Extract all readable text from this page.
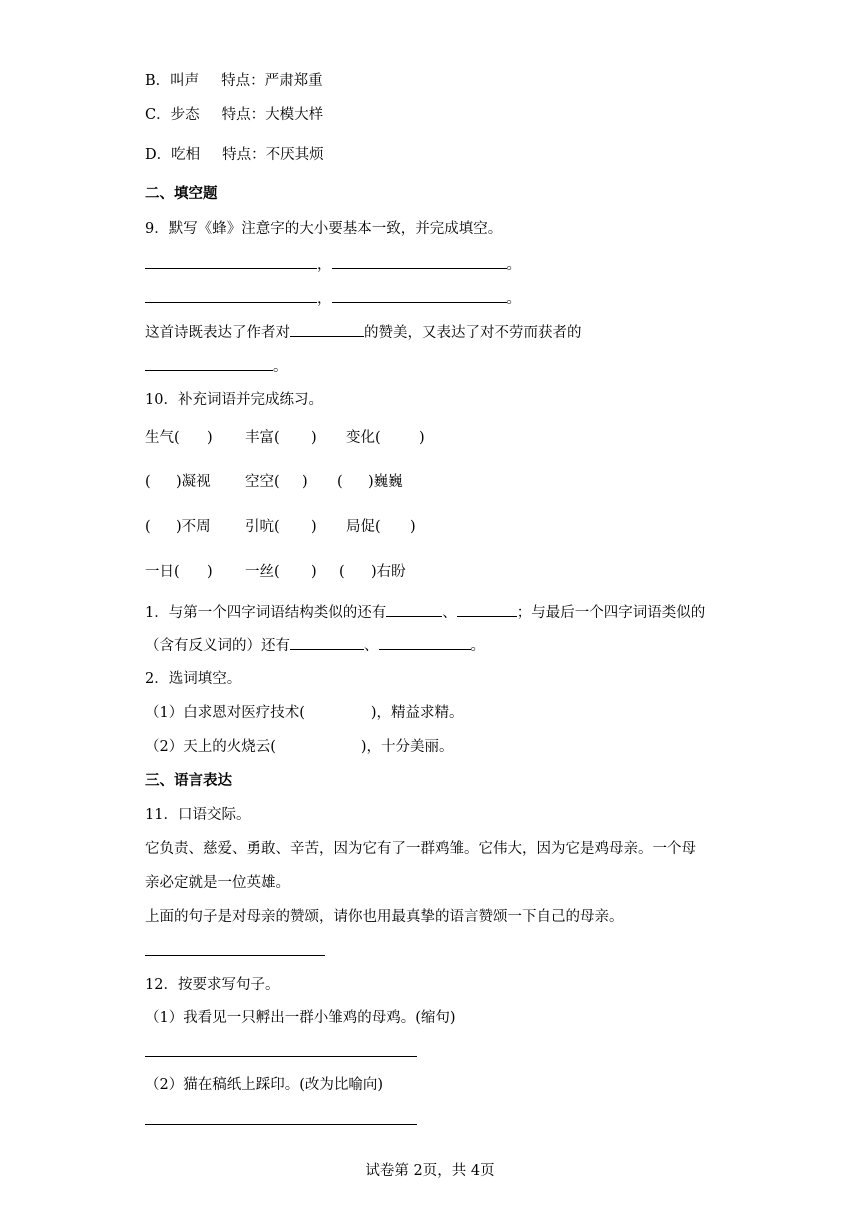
B．叫声 特点：严肃郑重
C．步态 特点：大模大样
D．吃相 特点：不厌其烦
二、填空题
9．默写《蜂》注意字的大小要基本一致，并完成填空。
，	。
，	。
这首诗既表达了作者对	的赞美，又表达了对不劳而获者的
。
10．补充词语并完成练习。
生气( ) 丰富( ) 变化(	)
( )凝视 空空( ) ( )巍巍
( )不周 引吭( ) 局促( )
一日( ) 一丝( ) ( )右盼
1．与第一个四字词语结构类似的还有	、	；与最后一个四字词语类似的
（含有反义词的）还有	、	。
2．选词填空。
（1）白求恩对医疗技术(	)，精益求精。
（2）天上的火烧云(	)，十分美丽。
三、语言表达
11．口语交际。
它负责、慈爱、勇敢、辛苦，因为它有了一群鸡雏。它伟大，因为它是鸡母亲。一个母
亲必定就是一位英雄。
上面的句子是对母亲的赞颂，请你也用最真挚的语言赞颂一下自己的母亲。
12．按要求写句子。
（1）我看见一只孵出一群小雏鸡的母鸡。(缩句)
（2）猫在稿纸上踩印。(改为比喻向)
试卷第 2页，共 4页
